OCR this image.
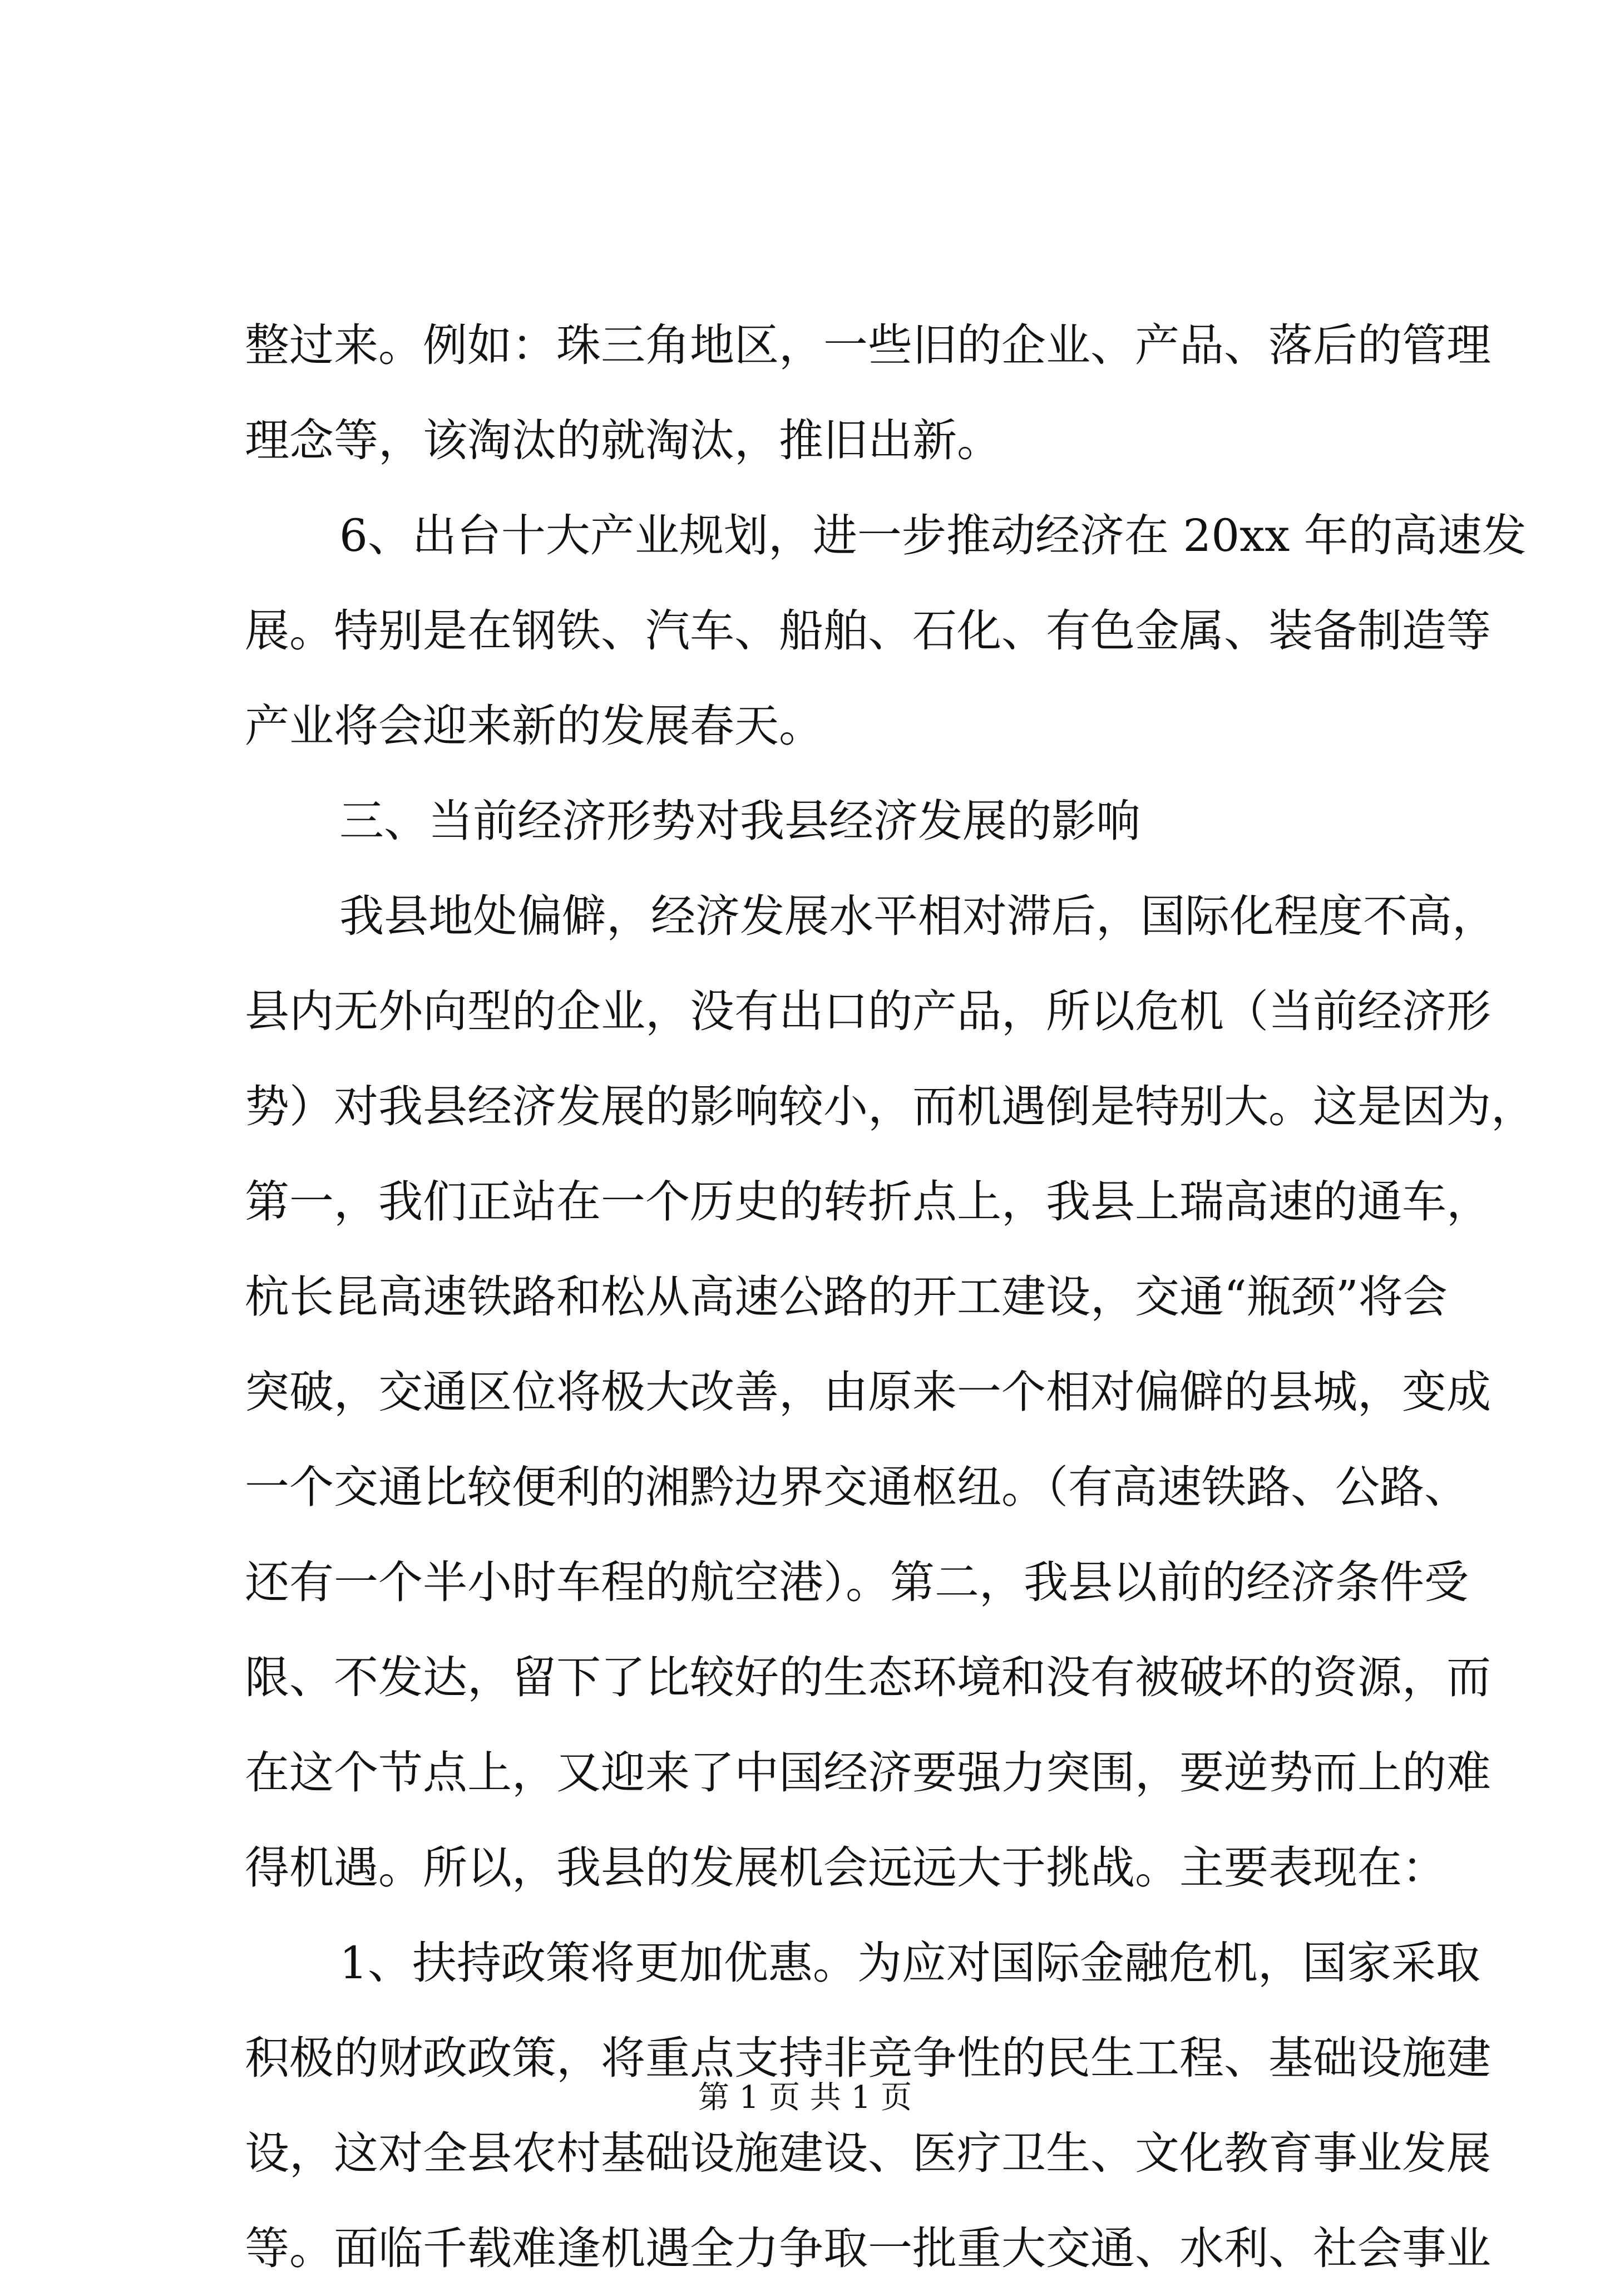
整过来。例如：珠三角地区，一些旧的企业、产品、落后的管理
理念等，该淘汰的就淘汰，推旧出新。
6、出台十大产业规划，进一步推动经济在 20xx 年的高速发
展。特别是在钢铁、汽车、船舶、石化、有色金属、装备制造等
产业将会迎来新的发展春天。
三、当前经济形势对我县经济发展的影响
我县地处偏僻，经济发展水平相对滞后，国际化程度不高，
县内无外向型的企业，没有出口的产品，所以危机（当前经济形
势）对我县经济发展的影响较小，而机遇倒是特别大。这是因为，
第一，我们正站在一个历史的转折点上，我县上瑞高速的通车，
杭长昆高速铁路和松从高速公路的开工建设，交通“瓶颈”将会
突破，交通区位将极大改善，由原来一个相对偏僻的县城，变成
一个交通比较便利的湘黔边界交通枢纽。（有高速铁路、公路、
还有一个半小时车程的航空港）。第二，我县以前的经济条件受
限、不发达，留下了比较好的生态环境和没有被破坏的资源，而
在这个节点上，又迎来了中国经济要强力突围，要逆势而上的难
得机遇。所以，我县的发展机会远远大于挑战。主要表现在：
1、扶持政策将更加优惠。为应对国际金融危机，国家采取
积极的财政政策，将重点支持非竞争性的民生工程、基础设施建
设，这对全县农村基础设施建设、医疗卫生、文化教育事业发展
等。面临千载难逢机遇全力争取一批重大交通、水利、社会事业
第 1 页 共 1 页
